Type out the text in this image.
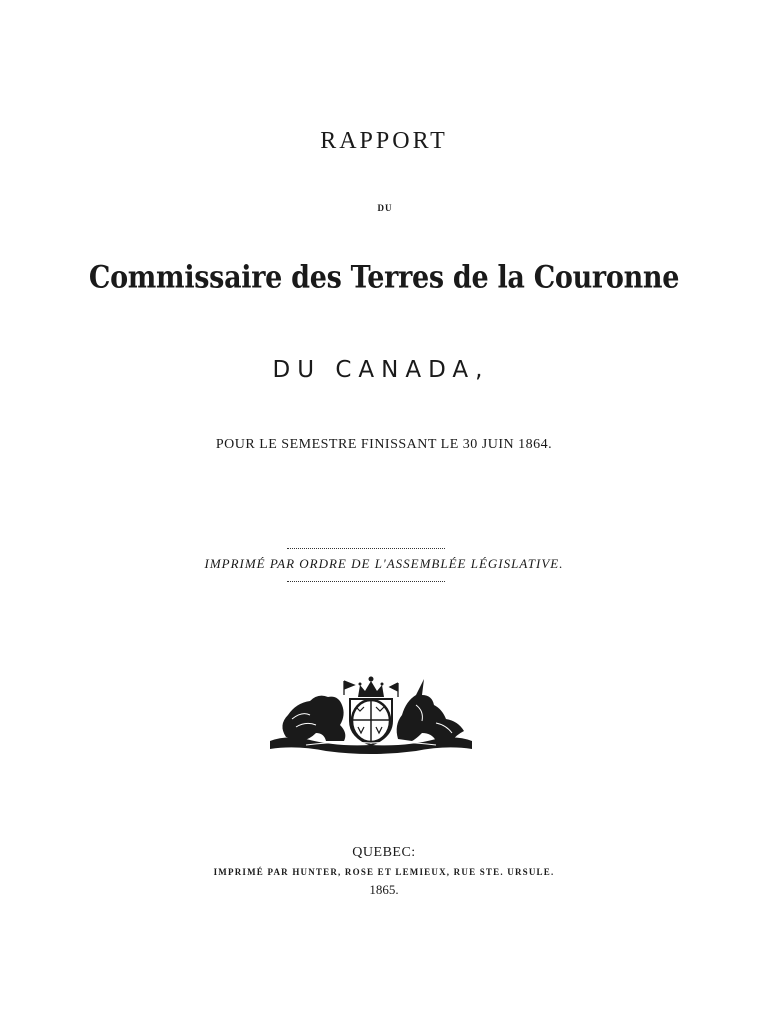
RAPPORT
DU
Commissaire des Terres de la Couronne
DU CANADA,
POUR LE SEMESTRE FINISSANT LE 30 JUIN 1864.
IMPRIMÉ PAR ORDRE DE L'ASSEMBLÉE LÉGISLATIVE.
QUEBEC:
IMPRIMÉ PAR HUNTER, ROSE ET LEMIEUX, RUE STE. URSULE.
1865.
